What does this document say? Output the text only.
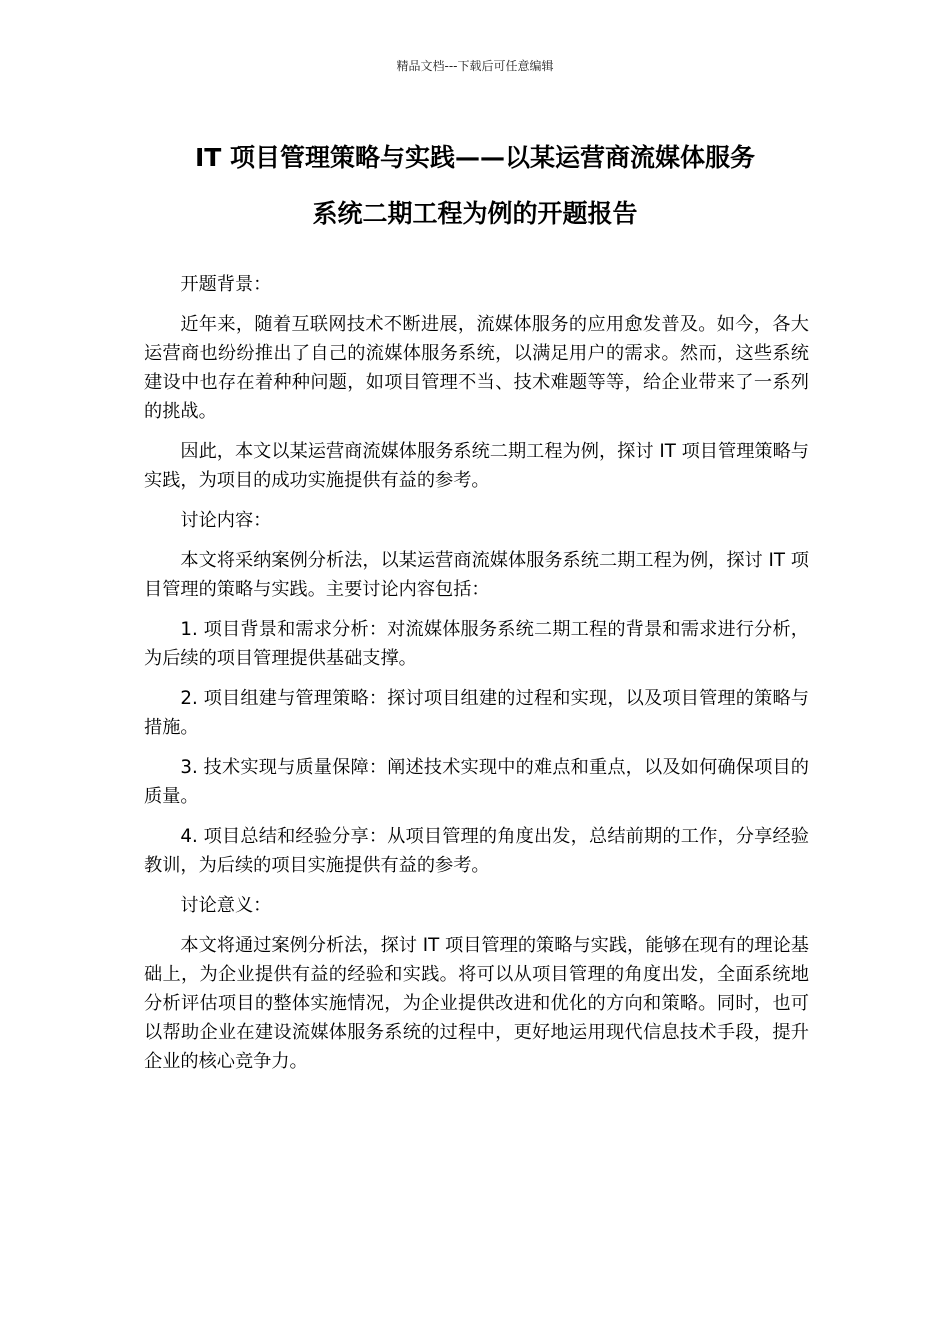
精品文档---下载后可任意编辑
IT 项目管理策略与实践——以某运营商流媒体服务
系统二期工程为例的开题报告

开题背景：

近年来，随着互联网技术不断进展，流媒体服务的应用愈发普及。如今，各大运营商也纷纷推出了自己的流媒体服务系统，以满足用户的需求。然而，这些系统建设中也存在着种种问题，如项目管理不当、技术难题等等，给企业带来了一系列的挑战。

因此，本文以某运营商流媒体服务系统二期工程为例，探讨 IT 项目管理策略与实践，为项目的成功实施提供有益的参考。

讨论内容：

本文将采纳案例分析法，以某运营商流媒体服务系统二期工程为例，探讨 IT 项目管理的策略与实践。主要讨论内容包括：

1. 项目背景和需求分析：对流媒体服务系统二期工程的背景和需求进行分析，为后续的项目管理提供基础支撑。

2. 项目组建与管理策略：探讨项目组建的过程和实现，以及项目管理的策略与措施。

3. 技术实现与质量保障：阐述技术实现中的难点和重点，以及如何确保项目的质量。

4. 项目总结和经验分享：从项目管理的角度出发，总结前期的工作，分享经验教训，为后续的项目实施提供有益的参考。

讨论意义：

本文将通过案例分析法，探讨 IT 项目管理的策略与实践，能够在现有的理论基础上，为企业提供有益的经验和实践。将可以从项目管理的角度出发，全面系统地分析评估项目的整体实施情况，为企业提供改进和优化的方向和策略。同时，也可以帮助企业在建设流媒体服务系统的过程中，更好地运用现代信息技术手段，提升企业的核心竞争力。
